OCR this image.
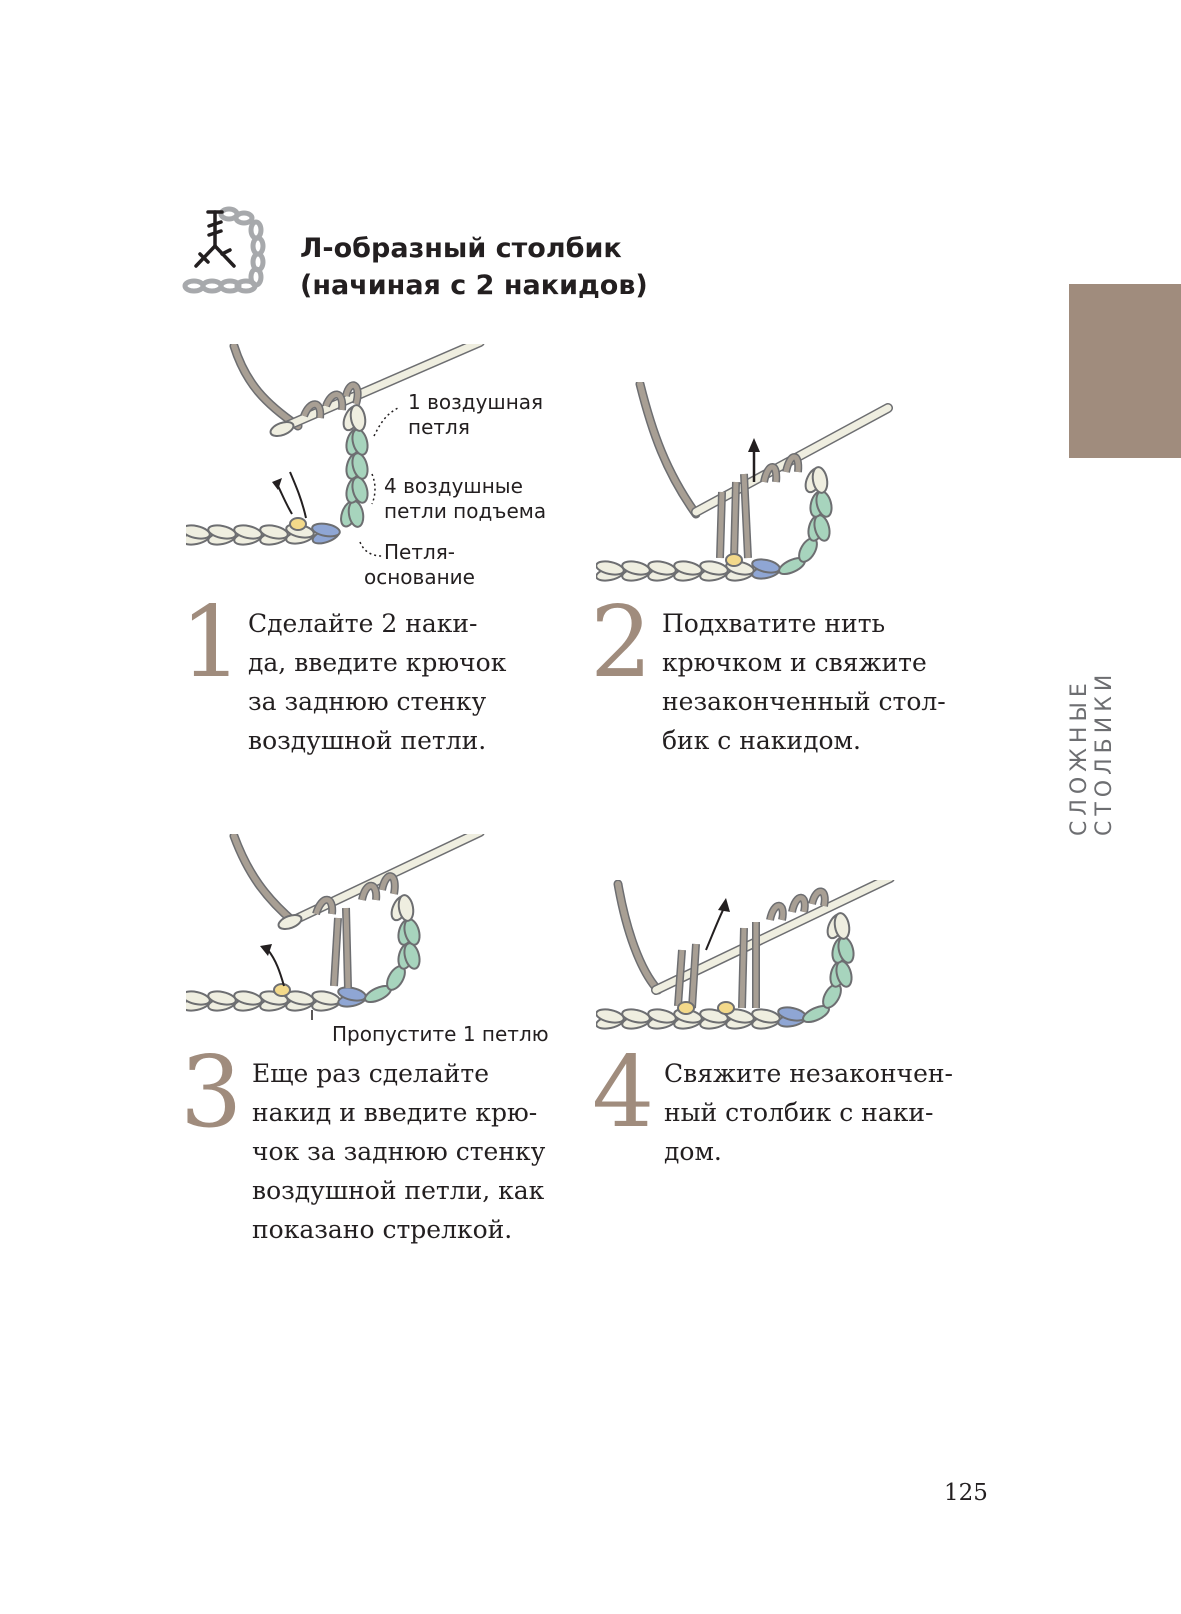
СЛОЖНЫЕ СТОЛБИКИ
Л-образный столбик
(начиная с 2 накидов)
1 воздушная
петля
4 воздушные
петли подъема
Петля-
основание
Пропустите 1 петлю
1 Сделайте 2 наки-
да, введите крючок
за заднюю стенку
воздушной петли.
2 Подхватите нить
крючком и свяжите
незаконченный стол-
бик с накидом.
3 Еще раз сделайте
накид и введите крю-
чок за заднюю стенку
воздушной петли, как
показано стрелкой.
4 Свяжите незакончен-
ный столбик с наки-
дом.
125
